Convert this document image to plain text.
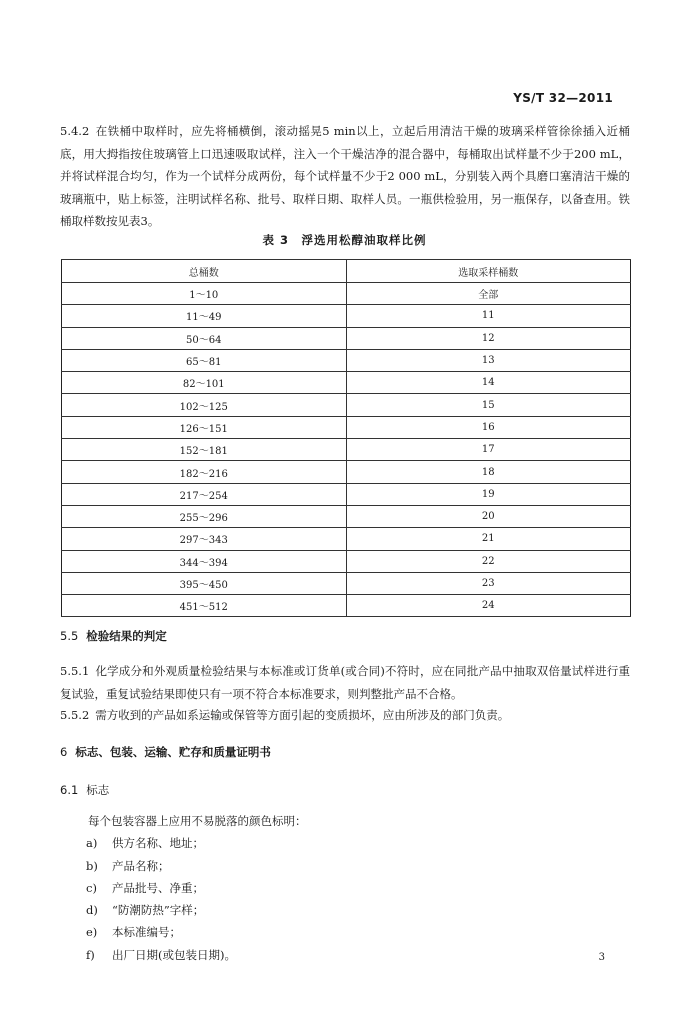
YS/T 32—2011
5.4.2 在铁桶中取样时，应先将桶横倒，滚动摇晃5 min以上，立起后用清洁干燥的玻璃采样管徐徐插入近桶底，用大拇指按住玻璃管上口迅速吸取试样，注入一个干燥洁净的混合器中，每桶取出试样量不少于200 mL，并将试样混合均匀，作为一个试样分成两份，每个试样量不少于2 000 mL，分别装入两个具磨口塞清洁干燥的玻璃瓶中，贴上标签，注明试样名称、批号、取样日期、取样人员。一瓶供检验用，另一瓶保存，以备查用。铁桶取样数按见表3。
表 3　浮选用松醇油取样比例
总桶数	选取采样桶数
1～10	全部
11～49	11
50～64	12
65～81	13
82～101	14
102～125	15
126～151	16
152～181	17
182～216	18
217～254	19
255～296	20
297～343	21
344～394	22
395～450	23
451～512	24
5.5 检验结果的判定
5.5.1 化学成分和外观质量检验结果与本标准或订货单(或合同)不符时，应在同批产品中抽取双倍量试样进行重复试验，重复试验结果即使只有一项不符合本标准要求，则判整批产品不合格。
5.5.2 需方收到的产品如系运输或保管等方面引起的变质损坏，应由所涉及的部门负责。
6 标志、包装、运输、贮存和质量证明书
6.1 标志
每个包装容器上应用不易脱落的颜色标明：
a) 供方名称、地址；
b) 产品名称；
c) 产品批号、净重；
d) “防潮防热”字样；
e) 本标准编号；
f) 出厂日期(或包装日期)。	3
